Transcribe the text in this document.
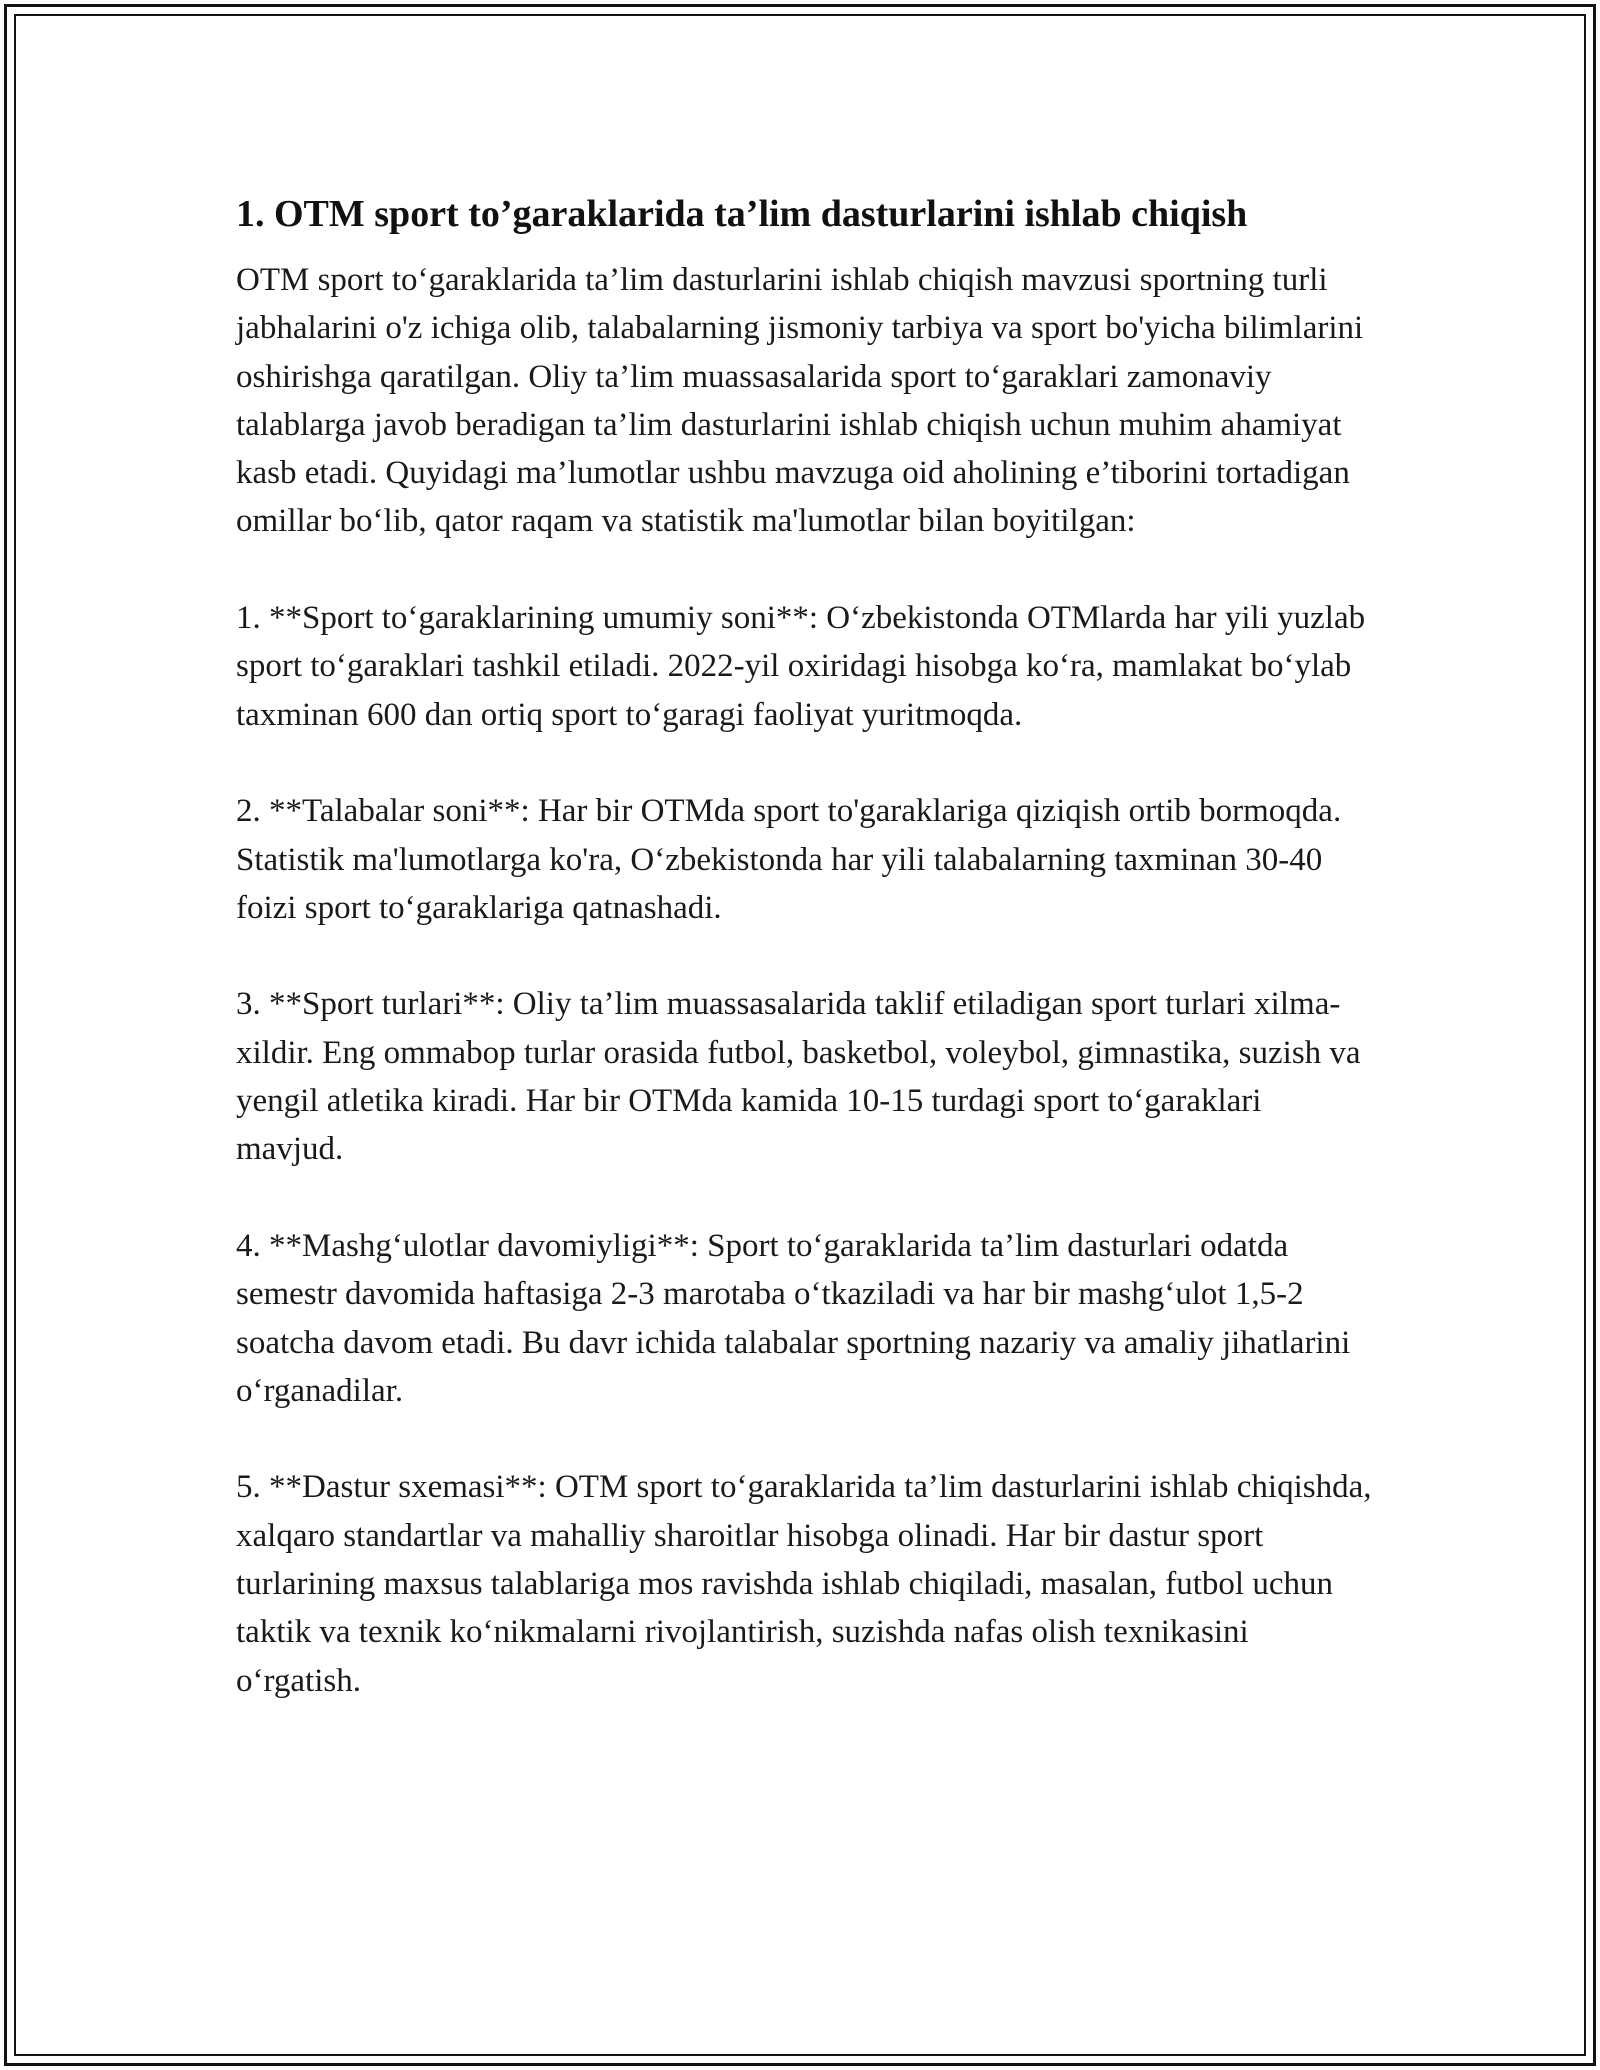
1. OTM sport to’garaklarida ta’lim dasturlarini ishlab chiqish

OTM sport to‘garaklarida ta’lim dasturlarini ishlab chiqish mavzusi sportning turli jabhalarini o'z ichiga olib, talabalarning jismoniy tarbiya va sport bo'yicha bilimlarini oshirishga qaratilgan. Oliy ta’lim muassasalarida sport to‘garaklari zamonaviy talablarga javob beradigan ta’lim dasturlarini ishlab chiqish uchun muhim ahamiyat kasb etadi. Quyidagi ma’lumotlar ushbu mavzuga oid aholining e’tiborini tortadigan omillar bo‘lib, qator raqam va statistik ma'lumotlar bilan boyitilgan:

1. **Sport to‘garaklarining umumiy soni**: O‘zbekistonda OTMlarda har yili yuzlab sport to‘garaklari tashkil etiladi. 2022-yil oxiridagi hisobga ko‘ra, mamlakat bo‘ylab taxminan 600 dan ortiq sport to‘garagi faoliyat yuritmoqda.

2. **Talabalar soni**: Har bir OTMda sport to'garaklariga qiziqish ortib bormoqda. Statistik ma'lumotlarga ko'ra, O‘zbekistonda har yili talabalarning taxminan 30-40 foizi sport to‘garaklariga qatnashadi.

3. **Sport turlari**: Oliy ta’lim muassasalarida taklif etiladigan sport turlari xilma-xildir. Eng ommabop turlar orasida futbol, basketbol, voleybol, gimnastika, suzish va yengil atletika kiradi. Har bir OTMda kamida 10-15 turdagi sport to‘garaklari mavjud.

4. **Mashg‘ulotlar davomiyligi**: Sport to‘garaklarida ta’lim dasturlari odatda semestr davomida haftasiga 2-3 marotaba o‘tkaziladi va har bir mashg‘ulot 1,5-2 soatcha davom etadi. Bu davr ichida talabalar sportning nazariy va amaliy jihatlarini o‘rganadilar.

5. **Dastur sxemasi**: OTM sport to‘garaklarida ta’lim dasturlarini ishlab chiqishda, xalqaro standartlar va mahalliy sharoitlar hisobga olinadi. Har bir dastur sport turlarining maxsus talablariga mos ravishda ishlab chiqiladi, masalan, futbol uchun taktik va texnik ko‘nikmalarni rivojlantirish, suzishda nafas olish texnikasini o‘rgatish.
